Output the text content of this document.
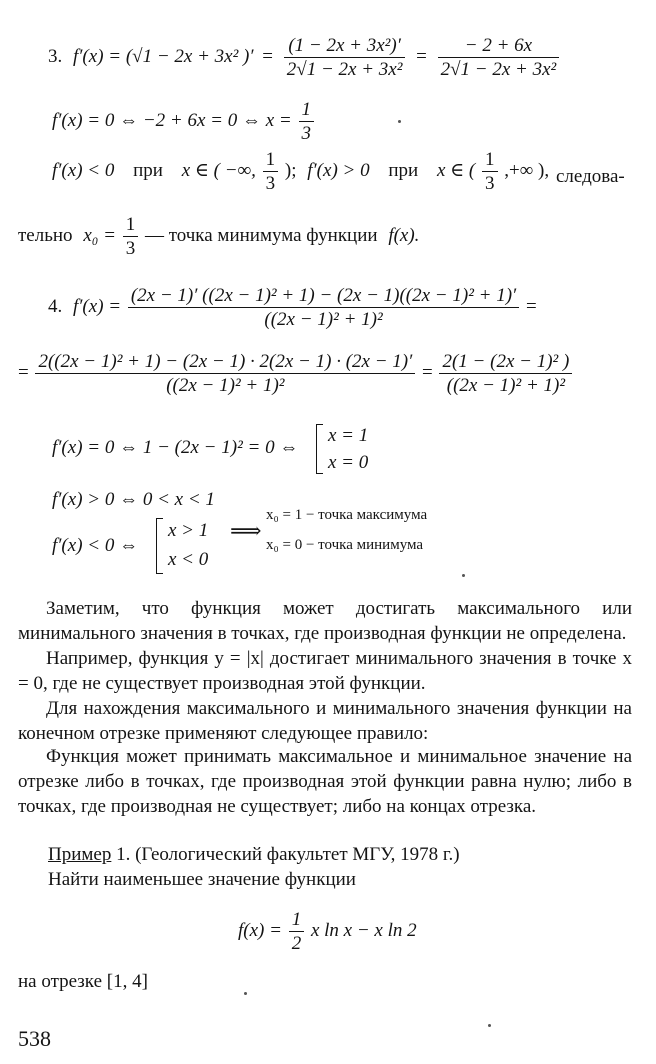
3. f′(x) = (√1 − 2x + 3x² )′ = $\frac{\text{(1 − 2x + 3x²)′}}{\text{2√1 − 2x + 3x²}} = \frac{- 2 + 6x}{\text{2√1 − 2x + 3x²}}$
f′(x) = 0 ⇔ −2 + 6x = 0 ⇔ $x = \frac{1}{3}$
f′(x) < 0 при x ∈ ( −∞, $\frac{1}{3}$ ); f′(x) > 0 при x ∈ ( $\frac{1}{3}$ ,+∞ ), следова-
тельно $x_0 = \frac{1}{3}$ — точка минимума функции f(x).
4. $f'(x) = \frac{\text{(2x − 1)′ ((2x − 1)² + 1) − (2x − 1)((2x − 1)² + 1)′}}{\text{((2x − 1)² + 1)²}}$ =
= $\frac{\text{2((2x − 1)² + 1) − (2x − 1) · 2(2x − 1) · (2x − 1)′}}{\text{((2x − 1)² + 1)²}} = \frac{\text{2(1 − (2x − 1)² )}}{\text{((2x − 1)² + 1)²}}$
f′(x) = 0 ⇔ 1 − (2x − 1)² = 0 ⇔
x = 1
x = 0
f′(x) > 0 ⇔ 0 < x < 1
f′(x) < 0 ⇔
x > 1
x < 0
⟹
x₀ = 1 − точка максимума
x₀ = 0 − точка минимума
Заметим, что функция может достигать максимального или минимального значения в точках, где производная функции не определена.
Например, функция y = |x| достигает минимального значения в точке x = 0, где не существует производная этой функции.
Для нахождения максимального и минимального значения функции на конечном отрезке применяют следующее правило:
Функция может принимать максимальное и минимальное значение на отрезке либо в точках, где производная этой функции равна нулю; либо в точках, где производная не существует; либо на концах отрезка.
Пример 1. (Геологический факультет МГУ, 1978 г.)
Найти наименьшее значение функции
$f(x) = \frac{1}{2}$ x ln x − x ln 2
на отрезке [1, 4]
538
